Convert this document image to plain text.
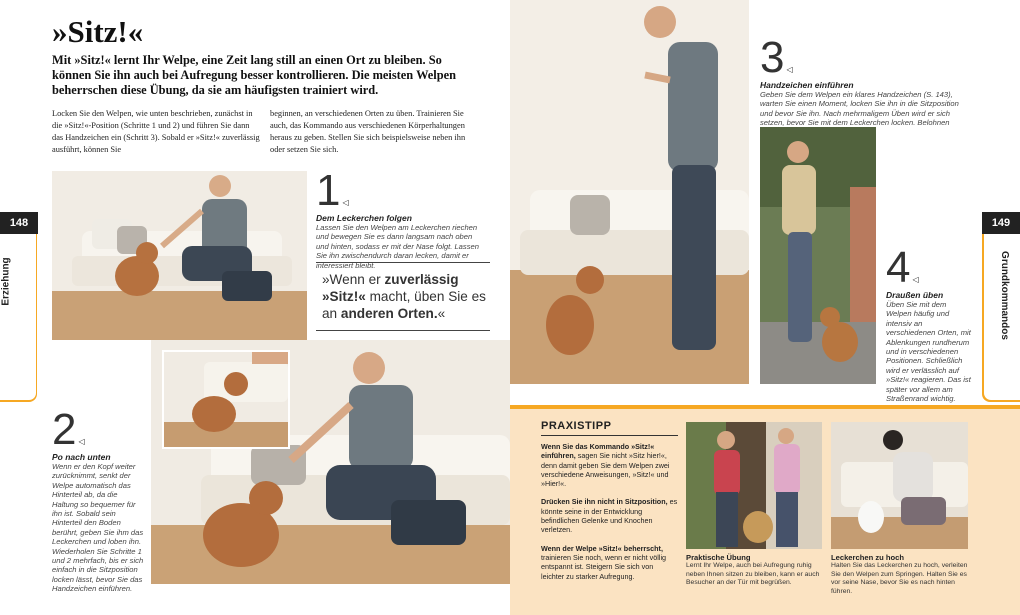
»Sitz!«
Mit »Sitz!« lernt Ihr Welpe, eine Zeit lang still an einen Ort zu bleiben. So können Sie ihn auch bei Aufregung besser kontrollieren. Die meisten Welpen beherrschen diese Übung, da sie am häufigsten trainiert wird.
Locken Sie den Welpen, wie unten beschrieben, zunächst in die »Sitz!«-Position (Schritte 1 und 2) und führen Sie dann das Handzeichen ein (Schritt 3). Sobald er »Sitz!« zuverlässig ausführt, können Sie
beginnen, an verschiedenen Orten zu üben. Trainieren Sie auch, das Kommando aus verschiedenen Körperhaltungen heraus zu geben. Stellen Sie sich beispielsweise neben ihn oder setzen Sie sich.
148
Erziehung
1 ◁
Dem Leckerchen folgen
Lassen Sie den Welpen am Leckerchen riechen und bewegen Sie es dann langsam nach oben und hinten, sodass er mit der Nase folgt. Lassen Sie ihn zwischendurch daran lecken, damit er interessiert bleibt.
»Wenn er zuverlässig »Sitz!« macht, üben Sie es an anderen Orten.«
2 ◁
Po nach unten
Wenn er den Kopf weiter zurücknimmt, senkt der Welpe automatisch das Hinterteil ab, da die Haltung so bequemer für ihn ist. Sobald sein Hinterteil den Boden berührt, geben Sie ihm das Leckerchen und loben ihn. Wiederholen Sie Schritte 1 und 2 mehrfach, bis er sich einfach in die Sitzposition locken lässt, bevor Sie das Handzeichen einführen.
3 ◁
Handzeichen einführen
Geben Sie dem Welpen ein klares Handzeichen (S. 143), warten Sie einen Moment, locken Sie ihn in die Sitzposition und bevor Sie ihn. Nach mehrmaligem Üben wird er sich setzen, bevor Sie mit dem Leckerchen locken. Belohnen
4 ◁
Draußen üben
Üben Sie mit dem Welpen häufig und intensiv an verschiedenen Orten, mit Ablenkungen rundherum und in verschiedenen Positionen. Schließlich wird er verlässlich auf »Sitz!« reagieren. Das ist später vor allem am Straßenrand wichtig.
149
Grundkommandos
PRAXISTIPP

Wenn Sie das Kommando »Sitz!« einführen, sagen Sie nicht »Sitz hier!«, denn damit geben Sie dem Welpen zwei verschiedene Anweisungen, »Sitz!« und »Hier!«.

Drücken Sie ihn nicht in Sitzposition, es könnte seine in der Entwicklung befindlichen Gelenke und Knochen verletzen.

Wenn der Welpe »Sitz!« beherrscht, trainieren Sie noch, wenn er nicht völlig entspannt ist. Steigern Sie sich von leichter zu starker Aufregung.

Praktische Übung
Lernt Ihr Welpe, auch bei Aufregung ruhig neben Ihnen sitzen zu bleiben, kann er auch Besucher an der Tür mit begrüßen.
Leckerchen zu hoch
Halten Sie das Leckerchen zu hoch, verleiten Sie den Welpen zum Springen. Halten Sie es vor seine Nase, bevor Sie es nach hinten führen.
